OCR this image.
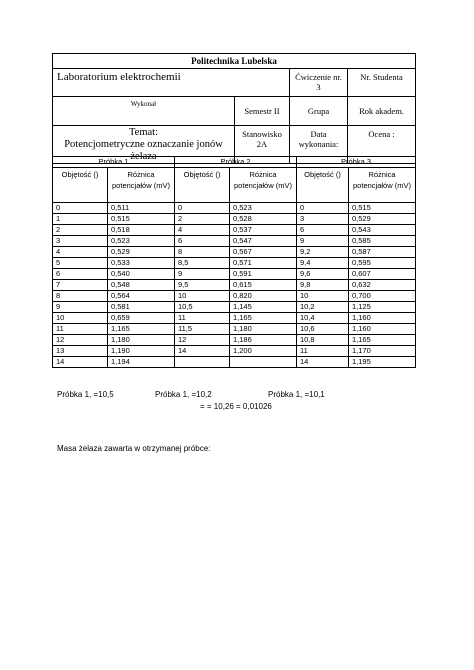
Politechnika Lubelska			
Laboratorium elektrochemii		Ćwiczenie nr. 3	Nr. Studenta
Wykonał	Semestr II	Grupa	Rok akadem.

Temat:
Potencjometryczne oznaczanie jonów żelaza	Stanowisko 2A	Data wykonania:	Ocena :
Próbka 1		Próbka 2		Próbka 3	
Objętość ()	Różnica potencjałów (mV)	Objętość ()	Różnica potencjałów (mV)	Objętość ()	Różnica potencjałów (mV)
0	0,511	0	0,523	0	0,515
1	0,515	2	0,528	3	0,529
2	0,518	4	0,537	6	0,543
3	0,523	6	0,547	9	0,585
4	0,529	8	0,567	9,2	0,587
5	0,533	8,5	0,571	9,4	0,595
6	0,540	9	0,591	9,6	0,607
7	0,548	9,5	0,615	9,8	0,632
8	0,564	10	0,820	10	0,700
9	0,581	10,5	1,145	10,2	1,125
10	0,659	11	1,165	10,4	1,160
11	1,165	11,5	1,180	10,6	1,160
12	1,180	12	1,186	10,8	1,165
13	1,190	14	1,200	11	1,170
14	1,194			14	1,195
Próbka 1, =10,5	Próbka 1, =10,2	Próbka 1, =10,1
= = 10,26 = 0,01026
Masa żelaza zawarta w otrzymanej próbce:
